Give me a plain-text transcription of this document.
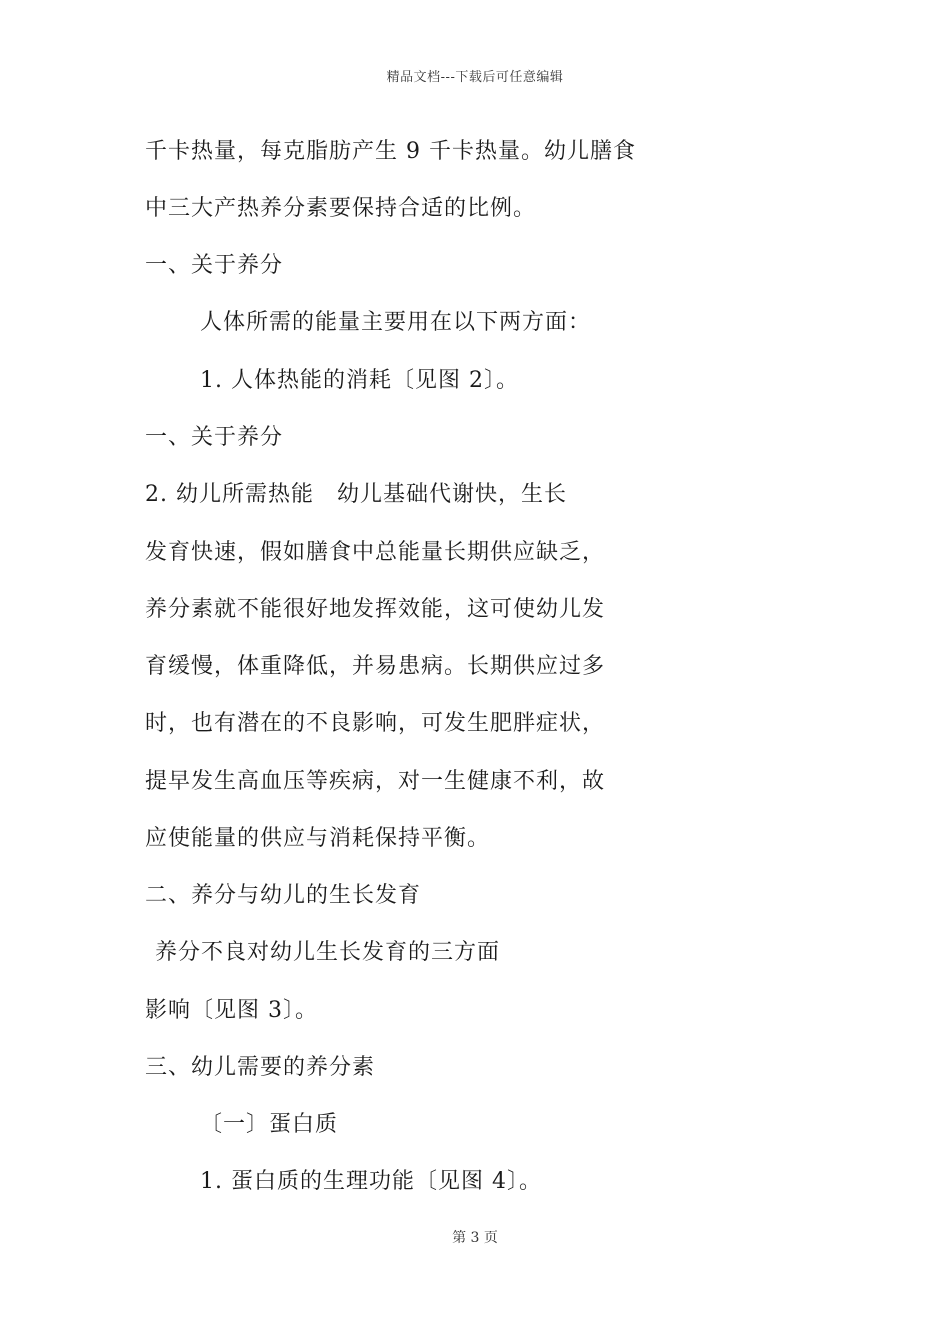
精品文档---下载后可任意编辑
千卡热量，每克脂肪产生 9 千卡热量。幼儿膳食
中三大产热养分素要保持合适的比例。
一、关于养分
人体所需的能量主要用在以下两方面：
1. 人体热能的消耗〔见图 2〕。
一、关于养分
2. 幼儿所需热能　幼儿基础代谢快，生长
发育快速，假如膳食中总能量长期供应缺乏，
养分素就不能很好地发挥效能，这可使幼儿发
育缓慢，体重降低，并易患病。长期供应过多
时，也有潜在的不良影响，可发生肥胖症状，
提早发生高血压等疾病，对一生健康不利，故
应使能量的供应与消耗保持平衡。
二、养分与幼儿的生长发育
养分不良对幼儿生长发育的三方面
影响〔见图 3〕。
三、幼儿需要的养分素
〔一〕蛋白质
1. 蛋白质的生理功能〔见图 4〕。
第 3 页
